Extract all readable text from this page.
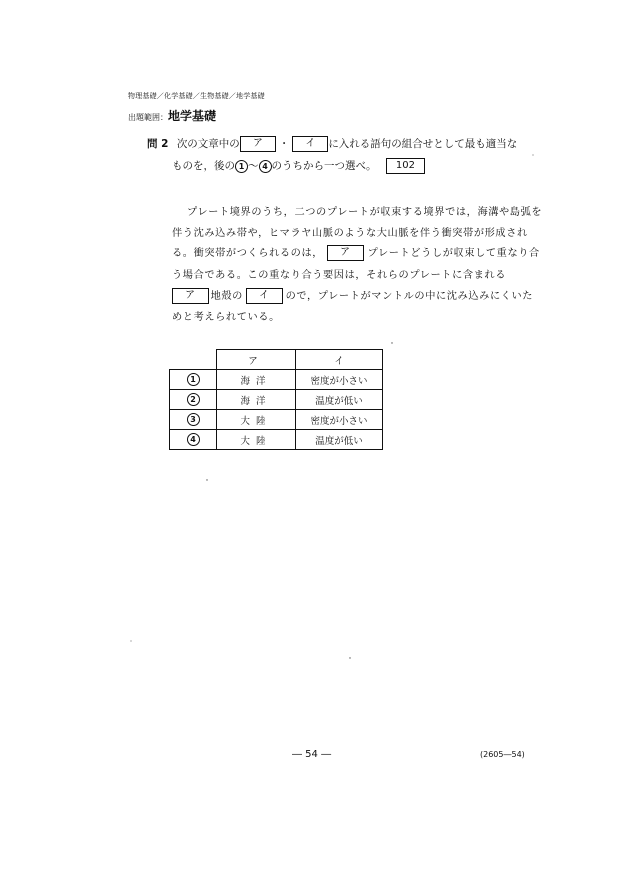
物理基礎／化学基礎／生物基礎／地学基礎
出題範囲：地学基礎
問 2 次の文章中の ア ・ イ に入れる語句の組合せとして最も適当な
ものを，後の 1 ～ 4 のうちから一つ選べ。 102
プレート境界のうち，二つのプレートが収束する境界では，海溝や島弧を
伴う沈み込み帯や，ヒマラヤ山脈のような大山脈を伴う衝突帯が形成され
る。衝突帯がつくられるのは， ア プレートどうしが収束して重なり合
う場合である。この重なり合う要因は，それらのプレートに含まれる
ア 地殻の イ ので，プレートがマントルの中に沈み込みにくいた
めと考えられている。
	ア	イ
1	海洋	密度が小さい
2	海洋	温度が低い
3	大陸	密度が小さい
4	大陸	温度が低い
― 54 ―	(2605―54)
